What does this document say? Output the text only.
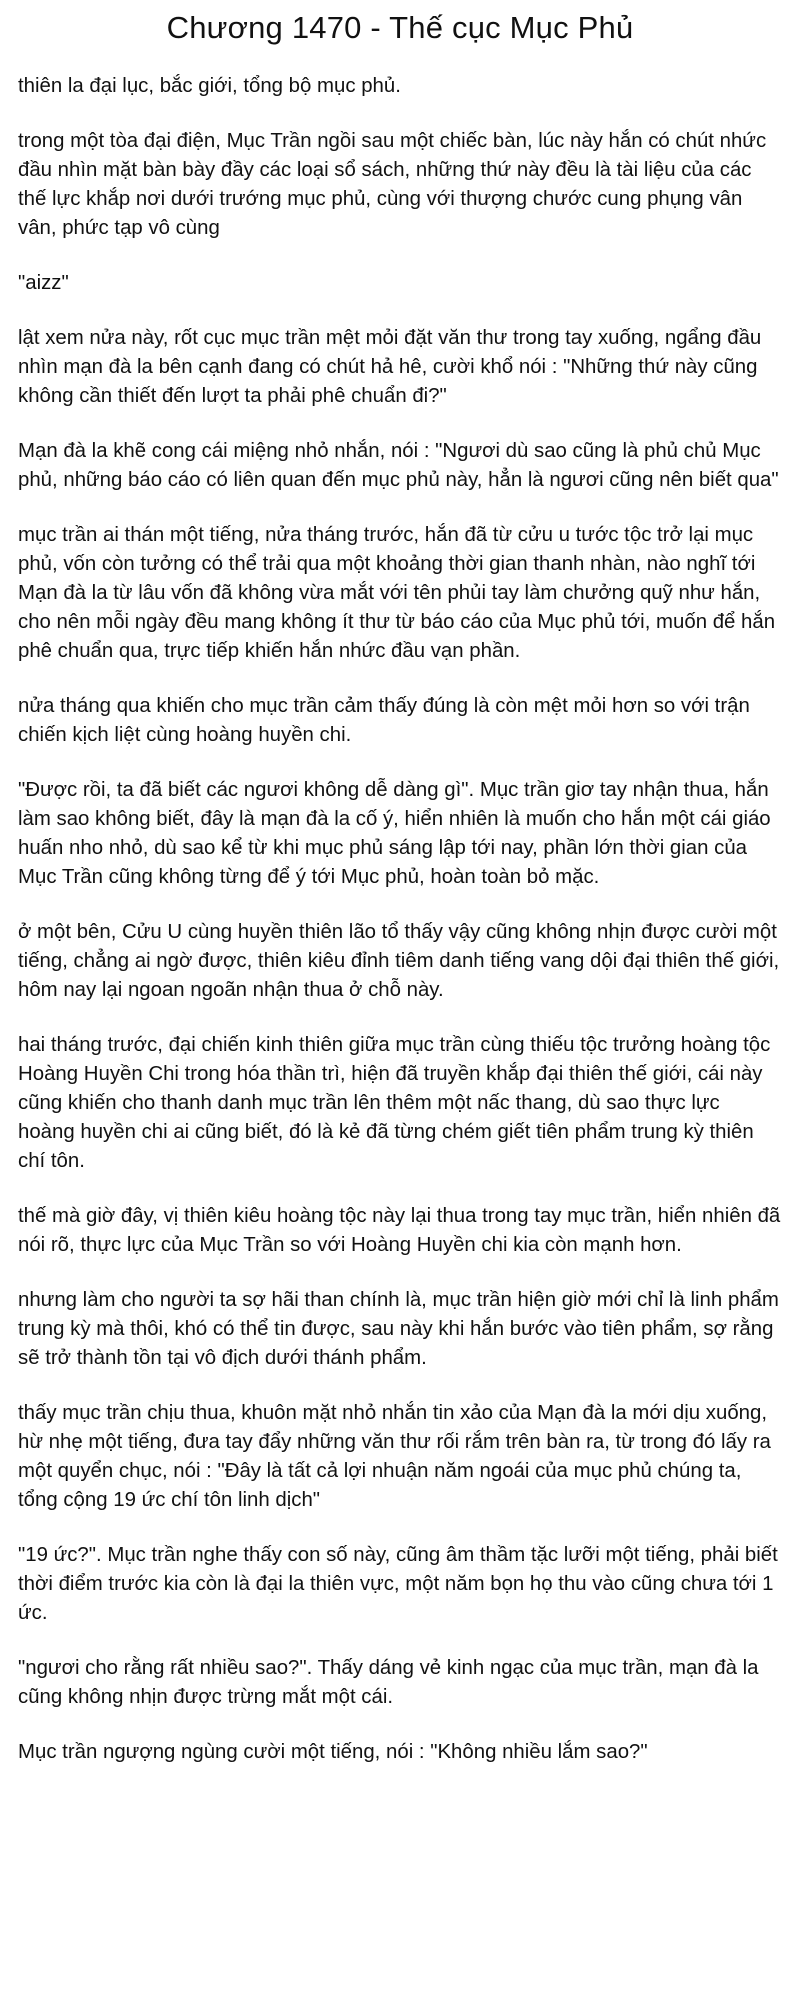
Chương 1470 - Thế cục Mục Phủ

thiên la đại lục, bắc giới, tổng bộ mục phủ.

trong một tòa đại điện, Mục Trần ngồi sau một chiếc bàn, lúc này hắn có chút nhức đầu nhìn mặt bàn bày đầy các loại sổ sách, những thứ này đều là tài liệu của các thế lực khắp nơi dưới trướng mục phủ, cùng với thượng chước cung phụng vân vân, phức tạp vô cùng

"aizz"

lật xem nửa này, rốt cục mục trần mệt mỏi đặt văn thư trong tay xuống, ngẩng đầu nhìn mạn đà la bên cạnh đang có chút hả hê, cười khổ nói : "Những thứ này cũng không cần thiết đến lượt ta phải phê chuẩn đi?"

Mạn đà la khẽ cong cái miệng nhỏ nhắn, nói : "Ngươi dù sao cũng là phủ chủ Mục phủ, những báo cáo có liên quan đến mục phủ này, hẳn là ngươi cũng nên biết qua"

mục trần ai thán một tiếng, nửa tháng trước, hắn đã từ cửu u tước tộc trở lại mục phủ, vốn còn tưởng có thể trải qua một khoảng thời gian thanh nhàn, nào nghĩ tới Mạn đà la từ lâu vốn đã không vừa mắt với tên phủi tay làm chưởng quỹ như hắn, cho nên mỗi ngày đều mang không ít thư từ báo cáo của Mục phủ tới, muốn để hắn phê chuẩn qua, trực tiếp khiến hắn nhức đầu vạn phần.

nửa tháng qua khiến cho mục trần cảm thấy đúng là còn mệt mỏi hơn so với trận chiến kịch liệt cùng hoàng huyền chi.

"Được rồi, ta đã biết các ngươi không dễ dàng gì". Mục trần giơ tay nhận thua, hắn làm sao không biết, đây là mạn đà la cố ý, hiển nhiên là muốn cho hắn một cái giáo huấn nho nhỏ, dù sao kể từ khi mục phủ sáng lập tới nay, phần lớn thời gian của Mục Trần cũng không từng để ý tới Mục phủ, hoàn toàn bỏ mặc.

ở một bên, Cửu U cùng huyền thiên lão tổ thấy vậy cũng không nhịn được cười một tiếng, chẳng ai ngờ được, thiên kiêu đỉnh tiêm danh tiếng vang dội đại thiên thế giới, hôm nay lại ngoan ngoãn nhận thua ở chỗ này.

hai tháng trước, đại chiến kinh thiên giữa mục trần cùng thiếu tộc trưởng hoàng tộc Hoàng Huyền Chi trong hóa thần trì, hiện đã truyền khắp đại thiên thế giới, cái này cũng khiến cho thanh danh mục trần lên thêm một nấc thang, dù sao thực lực hoàng huyền chi ai cũng biết, đó là kẻ đã từng chém giết tiên phẩm trung kỳ thiên chí tôn.

thế mà giờ đây, vị thiên kiêu hoàng tộc này lại thua trong tay mục trần, hiển nhiên đã nói rõ, thực lực của Mục Trần so với Hoàng Huyền chi kia còn mạnh hơn.

nhưng làm cho người ta sợ hãi than chính là, mục trần hiện giờ mới chỉ là linh phẩm trung kỳ mà thôi, khó có thể tin được, sau này khi hắn bước vào tiên phẩm, sợ rằng sẽ trở thành tồn tại vô địch dưới thánh phẩm.

thấy mục trần chịu thua, khuôn mặt nhỏ nhắn tin xảo của Mạn đà la mới dịu xuống, hừ nhẹ một tiếng, đưa tay đẩy những văn thư rối rắm trên bàn ra, từ trong đó lấy ra một quyển chục, nói : "Đây là tất cả lợi nhuận năm ngoái của mục phủ chúng ta, tổng cộng 19 ức chí tôn linh dịch"

"19 ức?". Mục trần nghe thấy con số này, cũng âm thầm tặc lưỡi một tiếng, phải biết thời điểm trước kia còn là đại la thiên vực, một năm bọn họ thu vào cũng chưa tới 1 ức.

"ngươi cho rằng rất nhiều sao?". Thấy dáng vẻ kinh ngạc của mục trần, mạn đà la cũng không nhịn được trừng mắt một cái.

Mục trần ngượng ngùng cười một tiếng, nói : "Không nhiều lắm sao?"
